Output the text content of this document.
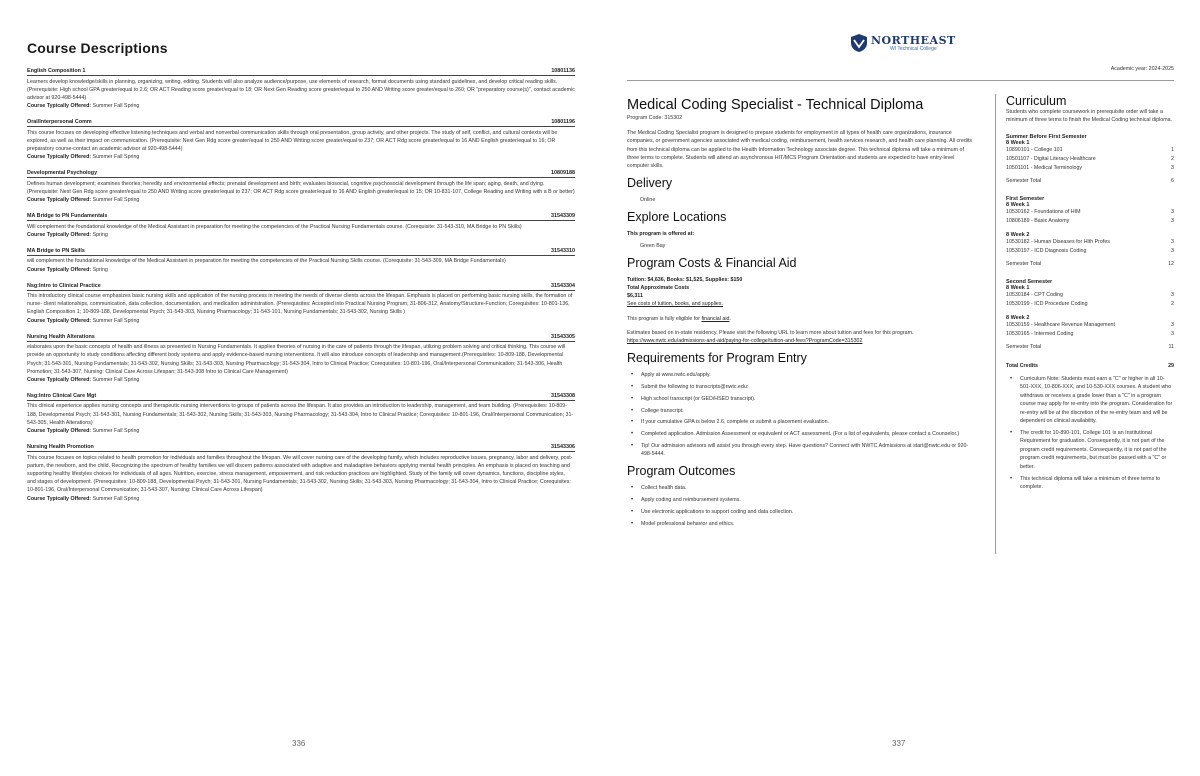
Course Descriptions
English Composition 1	10801136
Learners develop knowledge/skills in planning, organizing, writing, editing. Students will also analyze audience/purpose, use elements of research, format documents using standard guidelines, and develop critical reading skills. (Prerequisite: High school GPA greater/equal to 2.6; OR ACT Reading score greater/equal to 18; OR Next Gen Reading score greater/equal to 250 AND Writing score greater/equal to 260; OR "preparatory course(s)", contact academic advisor at 920-498-5444)
Course Typically Offered: Summer Fall Spring
Oral/Interpersonal Comm	10801196
This course focuses on developing effective listening techniques and verbal and nonverbal communication skills through oral presentation, group activity, and other projects. The study of self, conflict, and cultural contexts will be explored, as well as their impact on communication. (Prerequisite: Next Gen Rdg score greater/equal to 250 AND Writing score greater/equal to 237; OR ACT Rdg score greater/equal to 16 AND English greater/equal to 16; OR preparatory course-contact an academic advisor at 920-498-5444)
Course Typically Offered: Summer Fall Spring
Developmental Psychology	10809188
Defines human development; examines theories; heredity and environmental effects; prenatal development and birth; evaluates biosocial, cognitive psychosocial development through the life span; aging, death, and dying. (Prerequisite: Next Gen Rdg score greater/equal to 250 AND Writing score greater/equal to 237; OR ACT Rdg score greater/equal to 16 AND English greater/equal to 15; OR 10-831-107, College Reading and Writing with a B or better)
Course Typically Offered: Summer Fall Spring
MA Bridge to PN Fundamentals	31543309
Will complement the foundational knowledge of the Medical Assistant in preparation for meeting the competencies of the Practical Nursing Fundamentals course. (Corequisite: 31-543-310, MA Bridge to PN Skills)
Course Typically Offered: Spring
MA Bridge to PN Skills	31543310
will complement the foundational knowledge of the Medical Assistant in preparation for meeting the competencies of the Practical Nursing Skills course. (Corequisite: 31-543-309, MA Bridge Fundamentals)
Course Typically Offered: Spring
Nsg:Intro to Clinical Practice	31543304
This introductory clinical course emphasizes basic nursing skills and application of the nursing process in meeting the needs of diverse clients across the lifespan. Emphasis is placed on performing basic nursing skills, the formation of nurse- client relationships, communication, data collection, documentation, and medication administration. (Prerequisites: Accepted into Practical Nursing Program; 31-806-312, Anatomy/Structure-Function; Corequisites: 10-801-136, English Composition 1; 10-809-188, Developmental Psych; 31-543-303, Nursing Pharmacology; 31-543-101, Nursing Fundamentals; 31-543-302, Nursing Skills )
Course Typically Offered: Summer Fall Spring
Nursing Health Alterations	31543305
elaborates upon the basic concepts of health and illness as presented in Nursing Fundamentals. It applies theories of nursing in the care of patients through the lifespan, utilizing problem solving and critical thinking. This course will provide an opportunity to study conditions affecting different body systems and apply evidence-based nursing interventions. It will also introduce concepts of leadership and management.(Prerequisites: 10-809-188, Developmental Psych; 31-543-301, Nursing Fundamentals; 31-543-302, Nursing Skills; 31-543-303, Nursing Pharmacology; 31-543-304, Intro to Clinical Practice; Corequisites: 10-801-196, Oral/Interpersonal Communication; 31-543-306, Health Promotion; 31-543-307, Nursing: Clinical Care Across Lifespan; 31-543-308 Intro to Clinical Care Management)
Course Typically Offered: Summer Fall Spring
Nsg:Intro Clinical Care Mgt	31543308
This clinical experience applies nursing concepts and therapeutic nursing interventions to groups of patients across the lifespan. It also provides an introduction to leadership, management, and team building. (Prerequisites: 10-809-188, Developmental Psych; 31-543-301, Nursing Fundamentals; 31-543-302, Nursing Skills; 31-543-303, Nursing Pharmacology; 31-543-304, Intro to Clinical Practice; Corequisites: 10-801-196, Oral/Interpersonal Communication; 31-543-305, Health Alterations)
Course Typically Offered: Summer Fall Spring
Nursing Health Promotion	31543306
This course focuses on topics related to health promotion for individuals and families throughout the lifespan. We will cover nursing care of the developing family, which includes reproductive issues, pregnancy, labor and delivery, post-partum, the newborn, and the child. Recognizing the spectrum of healthy families we will discern patterns associated with adaptive and maladaptive behaviors applying mental health principles. An emphasis is placed on teaching and supporting healthy lifestyles choices for individuals of all ages. Nutrition, exercise, stress management, empowerment, and risk reduction practices are highlighted. Study of the family will cover dynamics, functions, discipline styles, and stages of development. (Prerequisites: 10-809-188, Developmental Psych; 31-543-301, Nursing Fundamentals; 31-543-302, Nursing Skills; 31-543-303, Nursing Pharmacology; 31-543-304, Intro to Clinical Practice; Corequisites: 10-801-196, Oral/Interpersonal Communication; 31-543-307, Nursing: Clinical Care Across Lifespan)
Course Typically Offered: Summer Fall Spring
336
NORTHEAST
WI Technical College
Academic year: 2024-2025
Medical Coding Specialist - Technical Diploma
Program Code: 315302
The Medical Coding Specialist program is designed to prepare students for employment in all types of health care organizations, insurance companies, or government agencies associated with medical coding, reimbursement, health services research, and health care planning. All credits from this technical diploma can be applied to the Health Information Technology associate degree. This technical diploma will take a minimum of three terms to complete. Students will attend an asynchronous HIT/MCS Program Orientation and students are expected to have entry-level computer skills.
Delivery
Online
Explore Locations
This program is offered at:
Green Bay
Program Costs & Financial Aid
Tuition: $4,636, Books: $1,525, Supplies: $150
Total Approximate Costs
$6,311
See costs of tuition, books, and supplies.
This program is fully eligible for financial aid.
Estimates based on in-state residency. Please visit the following URL to learn more about tuition and fees for this program.
https://www.nwtc.edu/admissions-and-aid/paying-for-college/tuition-and-fees?ProgramCode=315302
Requirements for Program Entry
• Apply at www.nwtc.edu/apply.
• Submit the following to transcripts@nwtc.edu:
• High school transcript (or GED/HSED transcript).
• College transcript.
• If your cumulative GPA is below 2.6, complete or submit a placement evaluation.
• Completed application. Admission Assessment or equivalent or ACT assessment. (For a list of equivalents, please contact a Counselor.)
• Tip! Our admission advisors will assist you through every step. Have questions? Connect with NWTC Admissions at start@nwtc.edu or 920-498-5444.
Program Outcomes
• Collect health data.
• Apply coding and reimbursement systems.
• Use electronic applications to support coding and data collection.
• Model professional behavior and ethics.
Curriculum
Students who complete coursework in prerequisite order will take a minimum of three terms to finish the Medical Coding technical diploma.
Summer Before First Semester
8 Week 1
10890101 - College 101	1
10501107 - Digital Literacy Healthcare	2
10501101 - Medical Terminology	3
Semester Total	6
First Semester
8 Week 1
10530162 - Foundations of HIM	3
10806189 - Basic Anatomy	3
8 Week 2
10530182 - Human Diseases for Hlth Profes	3
10530197 - ICD Diagnosis Coding	3
Semester Total	12
Second Semester
8 Week 1
10530184 - CPT Coding	3
10530199 - ICD Procedure Coding	2
8 Week 2
10530159 - Healthcare Revenue Management	3
10530165 - Intermed Coding	3
Semester Total	11
Total Credits	29
• Curriculum Note: Students must earn a "C" or higher in all 10-501-XXX, 10-806-XXX, and 10-530-XXX courses. A student who withdraws or receives a grade lower than a "C" in a program course may apply for re-entry into the program. Consideration for re-entry will be at the discretion of the re-entry team and will be dependent on clinical availability.
• The credit for 10-890-101, College 101 is an Institutional Requirement for graduation. Consequently, it is not part of the program credit requirements. Consequently, it is not part of the program credit requirements, but must be passed with a "C" or better.
• This technical diploma will take a minimum of three terms to complete.
337
